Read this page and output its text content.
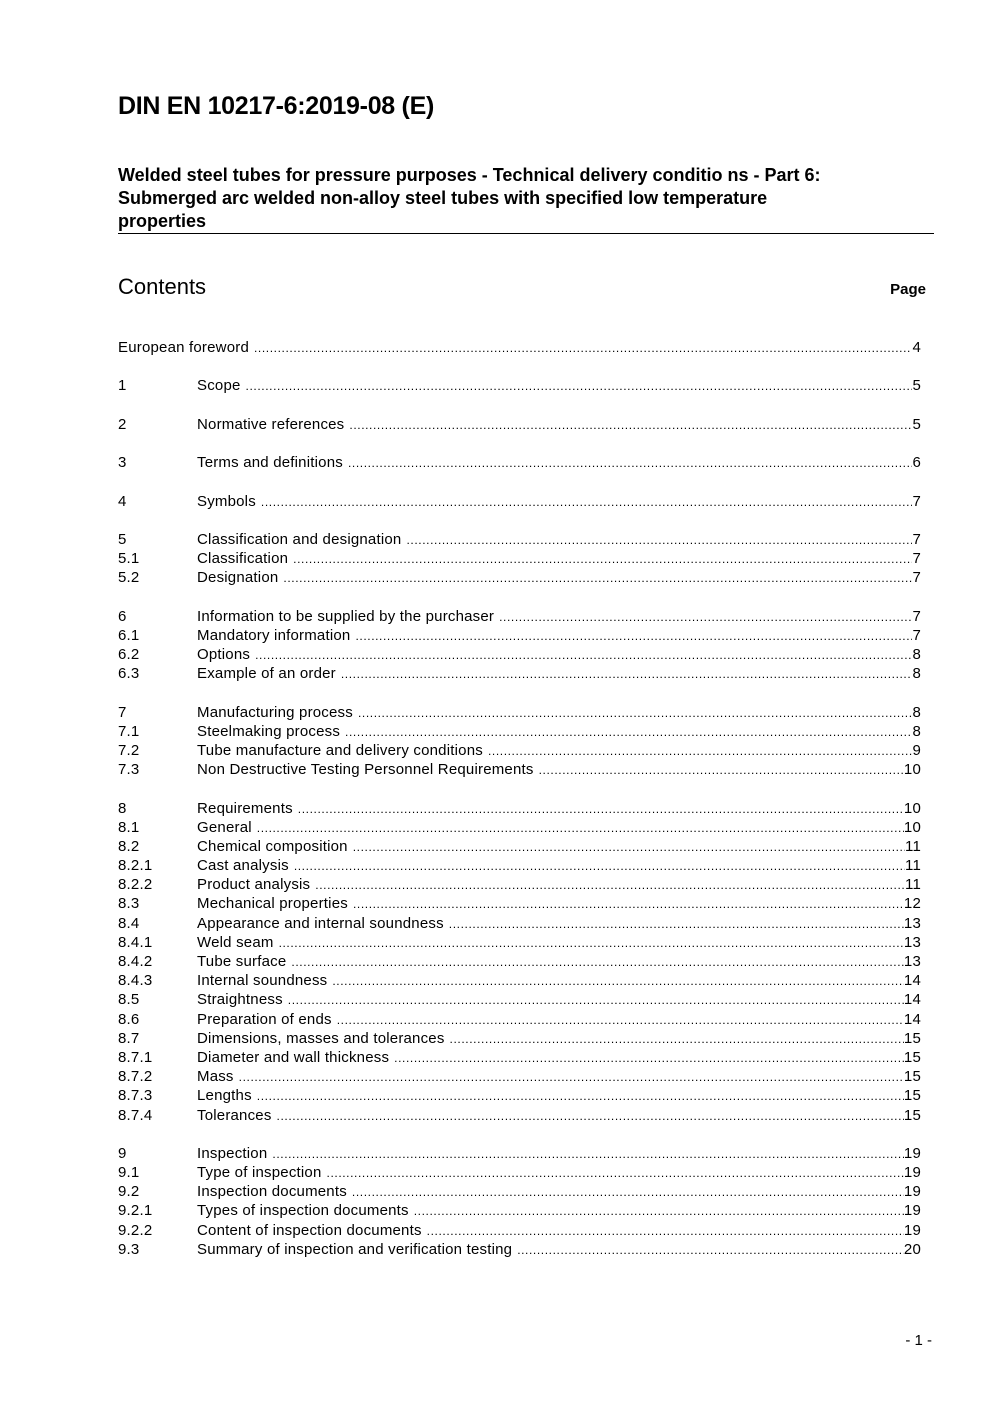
DIN EN 10217-6:2019-08 (E)
Welded steel tubes for pressure purposes - Technical delivery conditio ns - Part 6:
Submerged arc welded non-alloy steel tubes with specified low temperature
properties
Contents	Page
European foreword .....	4
1	Scope .....	5
2	Normative references .....	5
3	Terms and definitions .....	6
4	Symbols .....	7
5	Classification and designation .....	7
5.1	Classification .....	7
5.2	Designation .....	7
6	Information to be supplied by the purchaser .....	7
6.1	Mandatory information .....	7
6.2	Options .....	8
6.3	Example of an order .....	8
7	Manufacturing process .....	8
7.1	Steelmaking process .....	8
7.2	Tube manufacture and delivery conditions .....	9
7.3	Non Destructive Testing Personnel Requirements .....	10
8	Requirements .....	10
8.1	General .....	10
8.2	Chemical composition .....	11
8.2.1	Cast analysis .....	11
8.2.2	Product analysis .....	11
8.3	Mechanical properties .....	12
8.4	Appearance and internal soundness .....	13
8.4.1	Weld seam .....	13
8.4.2	Tube surface .....	13
8.4.3	Internal soundness .....	14
8.5	Straightness .....	14
8.6	Preparation of ends .....	14
8.7	Dimensions, masses and tolerances .....	15
8.7.1	Diameter and wall thickness .....	15
8.7.2	Mass .....	15
8.7.3	Lengths .....	15
8.7.4	Tolerances .....	15
9	Inspection .....	19
9.1	Type of inspection .....	19
9.2	Inspection documents .....	19
9.2.1	Types of inspection documents .....	19
9.2.2	Content of inspection documents .....	19
9.3	Summary of inspection and verification testing .....	20
- 1 -
